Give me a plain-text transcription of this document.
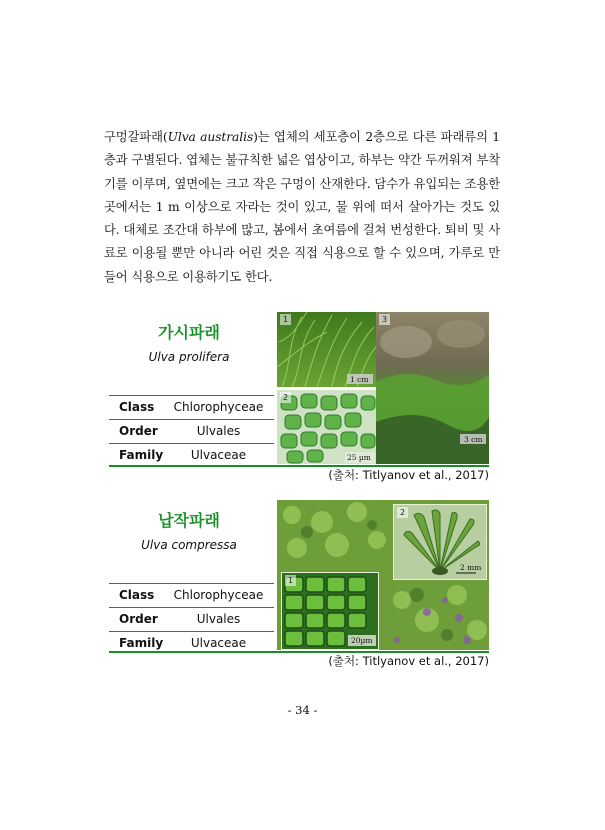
구멍갈파래(Ulva australis)는 엽체의 세포층이 2층으로 다른 파래류의 1층과 구별된다. 엽체는 불규칙한 넓은 엽상이고, 하부는 약간 두꺼워져 부착기를 이루며, 옆면에는 크고 작은 구멍이 산재한다. 담수가 유입되는 조용한 곳에서는 1 m 이상으로 자라는 것이 있고, 물 위에 떠서 살아가는 것도 있다. 대체로 조간대 하부에 많고, 봄에서 초여름에 걸쳐 번성한다. 퇴비 및 사료로 이용될 뿐만 아니라 어린 것은 직접 식용으로 할 수 있으며, 가루로 만들어 식용으로 이용하기도 한다.
가시파래
Ulva prolifera
Class Chlorophyceae
Order	Ulvales
Family	Ulvaceae
1
1 cm
2
25 µm
3
3 cm
(출처: Titlyanov et al., 2017)
납작파래
Ulva compressa
Class Chlorophyceae
Order	Ulvales
Family	Ulvaceae
1
20µm
2
2 mm
(출처: Titlyanov et al., 2017)
- 34 -
